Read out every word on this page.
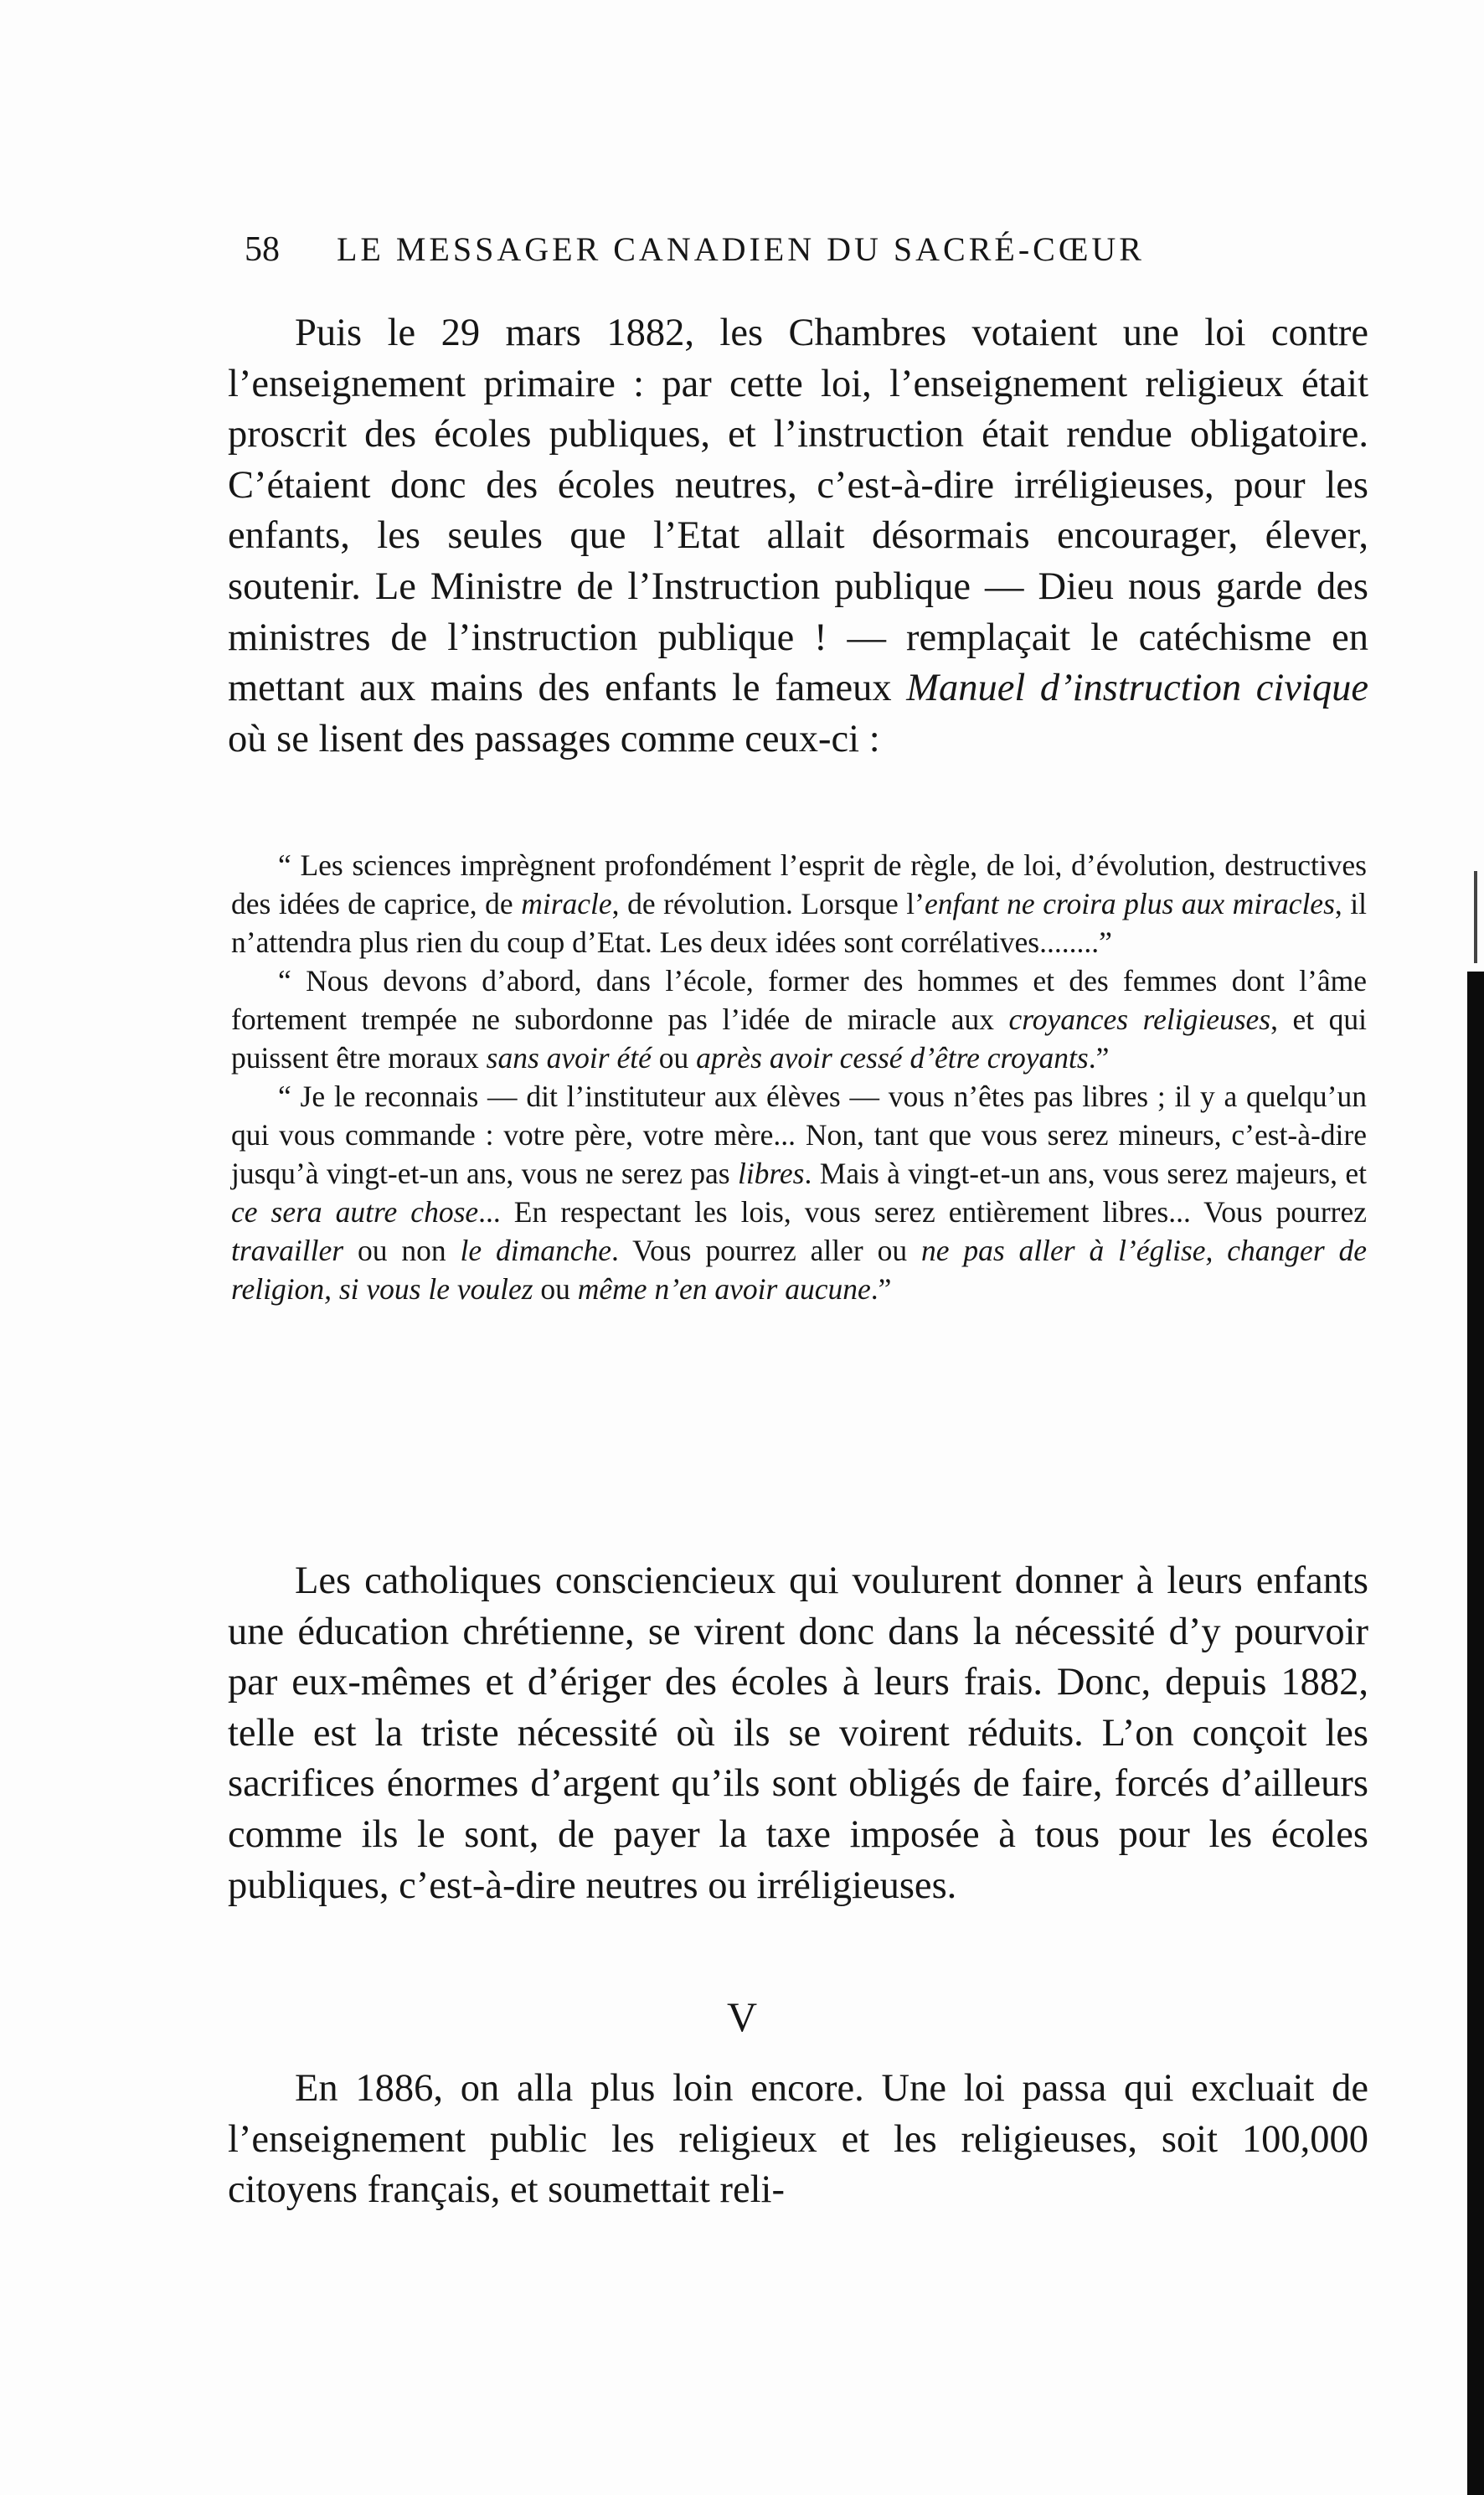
58 LE MESSAGER CANADIEN DU SACRÉ-CŒUR

Puis le 29 mars 1882, les Chambres votaient une loi contre l’enseignement primaire : par cette loi, l’enseignement religieux était proscrit des écoles publiques, et l’instruction était rendue obligatoire. C’étaient donc des écoles neutres, c’est-à-dire irréligieuses, pour les enfants, les seules que l’Etat allait désormais encourager, élever, soutenir. Le Ministre de l’Instruction publique — Dieu nous garde des ministres de l’instruction publique ! — remplaçait le catéchisme en mettant aux mains des enfants le fameux Manuel d’instruction civique où se lisent des passages comme ceux-ci :

“ Les sciences imprègnent profondément l’esprit de règle, de loi, d’évolution, destructives des idées de caprice, de miracle, de révolution. Lorsque l’enfant ne croira plus aux miracles, il n’attendra plus rien du coup d’Etat. Les deux idées sont corrélatives........”

“ Nous devons d’abord, dans l’école, former des hommes et des femmes dont l’âme fortement trempée ne subordonne pas l’idée de miracle aux croyances religieuses, et qui puissent être moraux sans avoir été ou après avoir cessé d’être croyants.”

“ Je le reconnais — dit l’instituteur aux élèves — vous n’êtes pas libres ; il y a quelqu’un qui vous commande : votre père, votre mère... Non, tant que vous serez mineurs, c’est-à-dire jusqu’à vingt-et-un ans, vous ne serez pas libres. Mais à vingt-et-un ans, vous serez majeurs, et ce sera autre chose... En respectant les lois, vous serez entièrement libres... Vous pourrez travailler ou non le dimanche. Vous pourrez aller ou ne pas aller à l’église, changer de religion, si vous le voulez ou même n’en avoir aucune.”

Les catholiques consciencieux qui voulurent donner à leurs enfants une éducation chrétienne, se virent donc dans la nécessité d’y pourvoir par eux-mêmes et d’ériger des écoles à leurs frais. Donc, depuis 1882, telle est la triste nécessité où ils se voirent réduits. L’on conçoit les sacrifices énormes d’argent qu’ils sont obligés de faire, forcés d’ailleurs comme ils le sont, de payer la taxe imposée à tous pour les écoles publiques, c’est-à-dire neutres ou irréligieuses.

V

En 1886, on alla plus loin encore. Une loi passa qui excluait de l’enseignement public les religieux et les religieuses, soit 100,000 citoyens français, et soumettait reli-
